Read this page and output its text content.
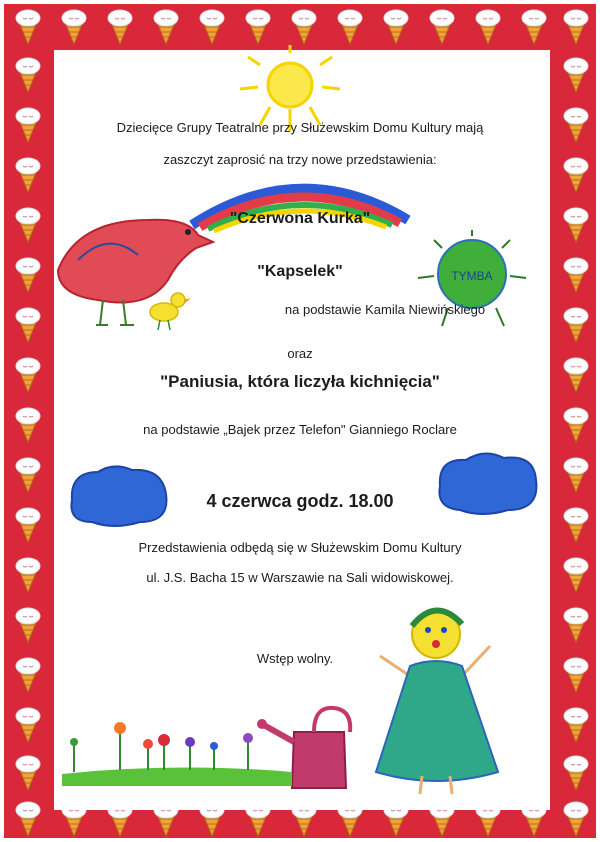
TYMBA
Dziecięce Grupy Teatralne przy Służewskim Domu Kultury mają
zaszczyt zaprosić na trzy nowe przedstawienia:
"Czerwona Kurka"
"Kapselek"
na podstawie Kamila Niewińskiego
oraz
"Paniusia, która liczyła kichnięcia"
na podstawie „Bajek przez Telefon" Gianniego Roclare
4 czerwca godz. 18.00
Przedstawienia odbędą się w Służewskim Domu Kultury
ul. J.S. Bacha 15 w Warszawie na Sali widowiskowej.
Wstęp wolny.
